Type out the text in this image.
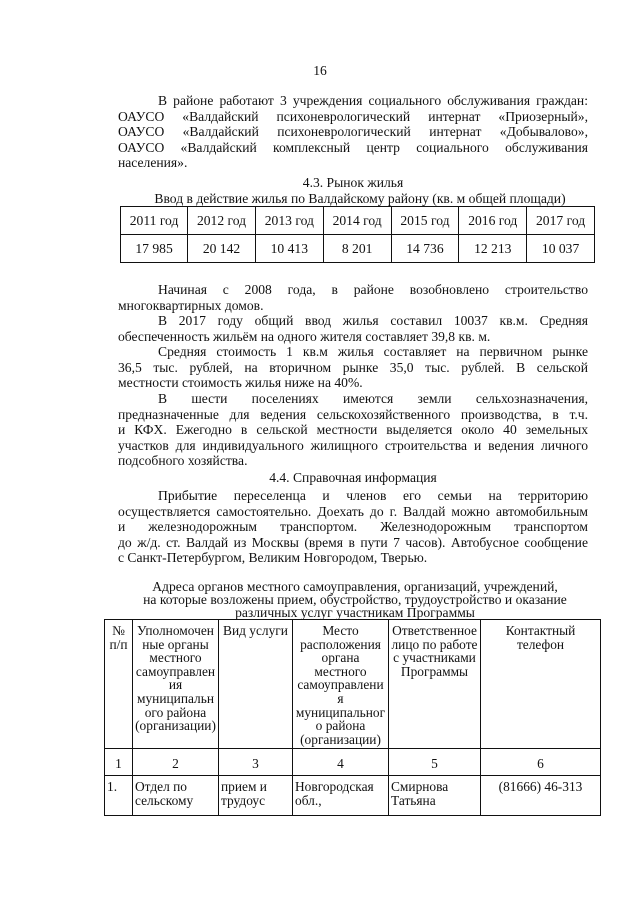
16
В районе работают 3 учреждения социального обслуживания граждан:
ОАУСО «Валдайский психоневрологический интернат «Приозерный»,
ОАУСО «Валдайский психоневрологический интернат «Добывалово»,
ОАУСО «Валдайский комплексный центр социального обслуживания
населения».
4.3. Рынок жилья
Ввод в действие жилья по Валдайскому району (кв. м общей площади)
2011 год	2012 год	2013 год	2014 год	2015 год	2016 год	2017 год
17 985	20 142	10 413	8 201	14 736	12 213	10 037
Начиная с 2008 года, в районе возобновлено строительство
многоквартирных домов.
В 2017 году общий ввод жилья составил 10037 кв.м. Средняя
обеспеченность жильём на одного жителя составляет 39,8 кв. м.
Средняя стоимость 1 кв.м жилья составляет на первичном рынке
36,5 тыс. рублей, на вторичном рынке 35,0 тыс. рублей. В сельской
местности стоимость жилья ниже на 40%.
В шести поселениях имеются земли сельхозназначения,
предназначенные для ведения сельскохозяйственного производства, в т.ч.
и КФХ. Ежегодно в сельской местности выделяется около 40 земельных
участков для индивидуального жилищного строительства и ведения личного
подсобного хозяйства.
4.4. Справочная информация
Прибытие переселенца и членов его семьи на территорию
осуществляется самостоятельно. Доехать до г. Валдай можно автомобильным
и железнодорожным транспортом. Железнодорожным транспортом
до ж/д. ст. Валдай из Москвы (время в пути 7 часов). Автобусное сообщение
с Санкт-Петербургом, Великим Новгородом, Тверью.
Адреса органов местного самоуправления, организаций, учреждений,
на которые возложены прием, обустройство, трудоустройство и оказание
различных услуг участникам Программы
№ п/п	Уполномочен ные органы местного самоуправлен ия муниципальн ого района (организации)	Вид услуги	Место расположения органа местного самоуправлени я муниципальног о района (организации)	Ответственное лицо по работе с участниками Программы	Контактный телефон
1	2	3	4	5	6
1.	Отдел по сельскому	прием и трудоус	Новгородская обл.,	Смирнова Татьяна	(81666) 46-313
